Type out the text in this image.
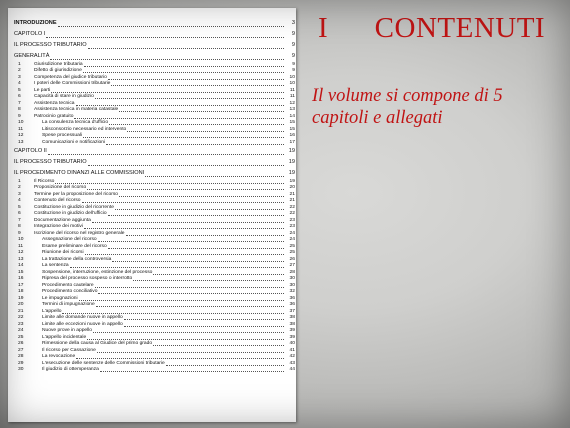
INTRODUZIONE	3
CAPITOLO I	9
IL PROCESSO TRIBUTARIO	9
GENERALITÀ	9
1	Giurisdizione tributaria	9
2	Difetto di giurisdizione	9
3	Competenza del giudice tributario	10
4	I poteri delle Commissioni tributarie	10
5	Le parti	11
6	Capacità di stare in giudizio	11
7	Assistenza tecnica	12
8	Assistenza tecnica in materia catastale	13
9	Patrocinio gratuito	14
10	La consulenza tecnica d'ufficio	15
11	Litisconsorzio necessario ed intervento	15
12	Spese processuali	16
13	Comunicazioni e notificazioni	17
CAPITOLO II	19
IL PROCESSO TRIBUTARIO	19
IL PROCEDIMENTO DINANZI ALLE COMMISSIONI	19
1	Il Ricorso	19
2	Proposizione del ricorso	20
3	Termine per la proposizione del ricorso	21
4	Contenuto del ricorso	21
5	Costituzione in giudizio del ricorrente	22
6	Costituzione in giudizio dell'ufficio	22
7	Documentazione aggiunta	23
8	Integrazione dei motivi	23
9	Iscrizione del ricorso nel registro generale	24
10	Assegnazione del ricorso	24
11	Esame preliminare del ricorso	25
12	Riunione dei ricorsi	25
13	La trattazione della controversia	26
14	La sentenza	27
15	Sospensione, interruzione, estinzione del processo	28
16	Ripresa del processo sospeso o interrotto	30
17	Procedimento cautelare	30
18	Procedimento conciliativo	32
19	Le impugnazioni	36
20	Termini di impugnazione	36
21	L'appello	37
22	Limite alle domande nuove in appello	38
23	Limite alle eccezioni nuove in appello	38
24	Nuove prove in appello	39
25	L'appello incidentale	39
26	Rimessione della causa al Giudice del primo grado	40
27	Il ricorso per Cassazione	41
28	La revocazione	42
29	L'esecuzione delle sentenze delle Commissioni tributarie	43
30	Il giudizio di ottemperanza	44
I      CONTENUTI
Il volume si compone di 5 capitoli e allegati
